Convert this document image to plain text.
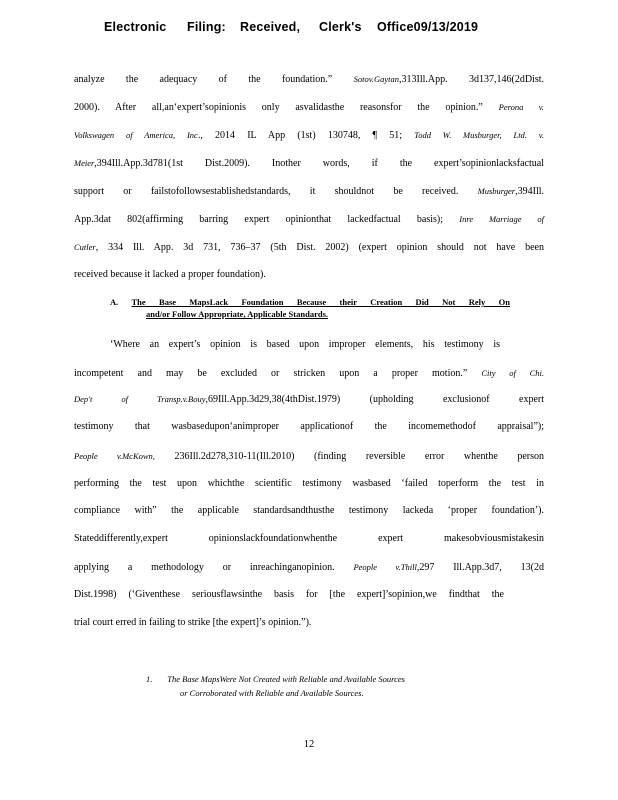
Electronic Filing: Received, Clerk's Office09/13/2019
analyze the adequacy of the foundation.”	Sotov.Gaytan,313Ill.App. 3d137,146(2dDist.
2000). After all,an‘expert’sopinionis only asvalidasthe reasonsfor the opinion.” Perona v.
Volkswagen of America, Inc., 2014 IL App (1st) 130748, ¶ 51; Todd W. Musburger, Ltd. v.
Meier,394Ill.App.3d781(1st Dist.2009). Inother words, if the expert’sopinionlacksfactual
support or failstofollowsestablishedstandards, it shouldnot be received. Musburger,394Ill.
App.3dat 802(affirming barring expert opinionthat lackedfactual basis); Inre Marriage of
Cutler, 334 Ill. App. 3d 731, 736–37 (5th Dist. 2002) (expert opinion should not have been
received because it lacked a proper foundation).
A. The Base MapsLack Foundation Because their Creation Did Not Rely On
and/or Follow Appropriate, Applicable Standards.
‘Where an expert’s opinion is based upon improper elements, his testimony is
incompetent and may be excluded or stricken upon a proper motion.” City of Chi.
Dep't of Transp.v.Bouy,69Ill.App.3d29,38(4thDist.1979) (upholding exclusionof expert
testimony that wasbasedupon‘animproper applicationof the incomemethodof appraisal”);
People v.McKown, 236Ill.2d278,310-11(Ill.2010) (finding reversible error whenthe person
performing the test upon whichthe scientific testimony wasbased ‘failed toperform the test in
compliance with” the applicable standardsandthusthe testimony lackeda ‘proper foundation’).
Stateddifferently,expert opinionslackfoundationwhenthe expert makesobviousmistakesin
applying a methodology or inreachinganopinion. People v.Thill,297 Ill.App.3d7, 13(2d
Dist.1998) (‘Giventhese seriousflawsinthe basis for [the expert]’sopinion,we findthat the
trial court erred in failing to strike [the expert]’s opinion.”).
1. The Base MapsWere Not Created with Reliable and Available Sources
or Corroborated with Reliable and Available Sources.
12
